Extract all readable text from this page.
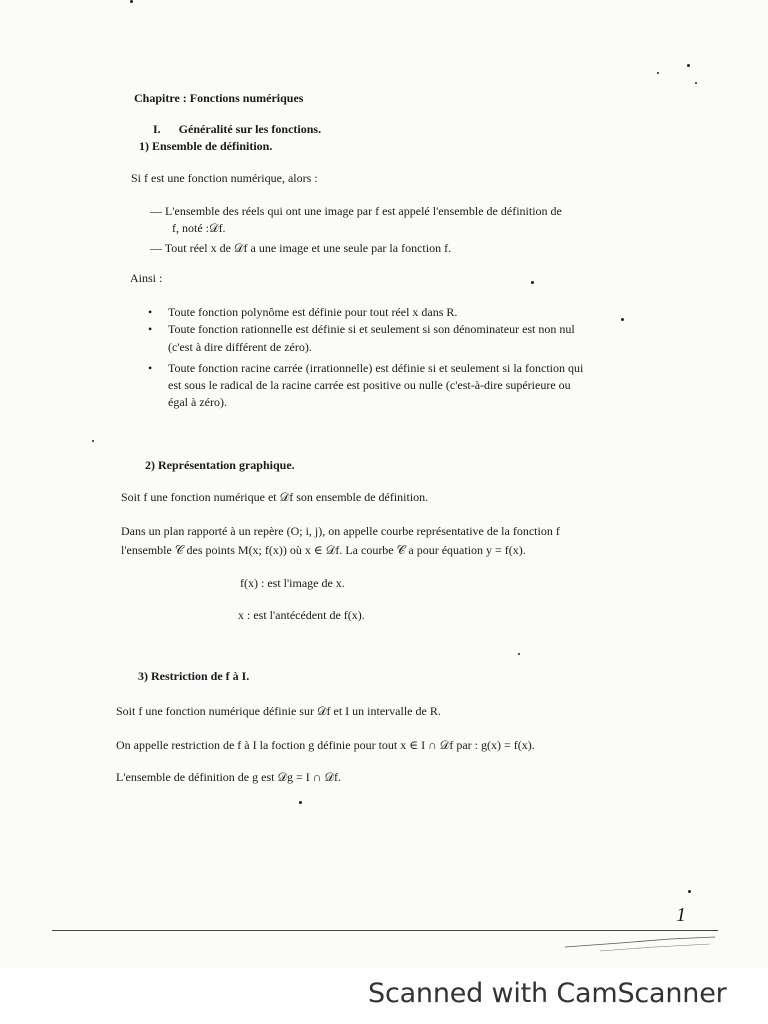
Chapitre : Fonctions numériques
I.      Généralité sur les fonctions.
1) Ensemble de définition.
Si f est une fonction numérique, alors :
— L'ensemble des réels qui ont une image par f est appelé l'ensemble de définition de
f, noté :𝒟f.
— Tout réel x de 𝒟f a une image et une seule par la fonction f.
Ainsi :
• Toute fonction polynôme est définie pour tout réel x dans R.
• Toute fonction rationnelle est définie si et seulement si son dénominateur est non nul
(c'est à dire différent de zéro).
• Toute fonction racine carrée (irrationnelle) est définie si et seulement si la fonction qui
est sous le radical de la racine carrée est positive ou nulle (c'est-à-dire supérieure ou
égal à zéro).
2) Représentation graphique.
Soit f une fonction numérique et 𝒟f son ensemble de définition.
Dans un plan rapporté à un repère (O; i, j), on appelle courbe représentative de la fonction f
l'ensemble 𝒞 des points M(x; f(x)) où x ∈ 𝒟f. La courbe 𝒞 a pour équation y = f(x).
f(x) : est l'image de x.
x : est l'antécédent de f(x).
3) Restriction de f à I.
Soit f une fonction numérique définie sur 𝒟f et I un intervalle de R.
On appelle restriction de f à I la foction g définie pour tout x ∈ I ∩ 𝒟f par : g(x) = f(x).
L'ensemble de définition de g est 𝒟g = I ∩ 𝒟f.
1
Scanned with CamScanner
